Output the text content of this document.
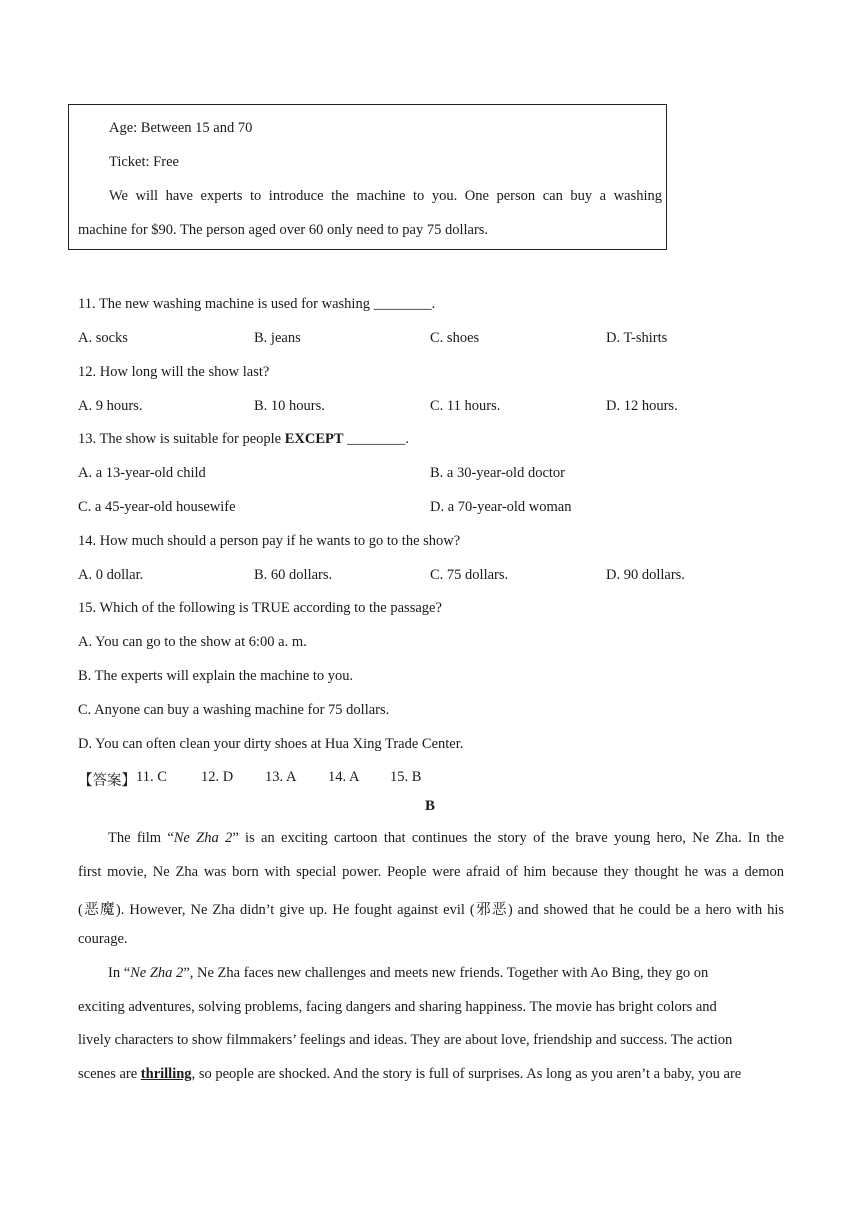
Age: Between 15 and 70
Ticket: Free
We will have experts to introduce the machine to you. One person can buy a washing
machine for $90. The person aged over 60 only need to pay 75 dollars.
11. The new washing machine is used for washing ________.
A. socks	B. jeans	C. shoes	D. T-shirts
12. How long will the show last?
A. 9 hours.	B. 10 hours.	C. 11 hours.	D. 12 hours.
13. The show is suitable for people EXCEPT ________.
A. a 13-year-old child	B. a 30-year-old doctor
C. a 45-year-old housewife	D. a 70-year-old woman
14. How much should a person pay if he wants to go to the show?
A. 0 dollar.	B. 60 dollars.	C. 75 dollars.	D. 90 dollars.
15. Which of the following is TRUE according to the passage?
A. You can go to the show at 6:00 a. m.
B. The experts will explain the machine to you.
C. Anyone can buy a washing machine for 75 dollars.
D. You can often clean your dirty shoes at Hua Xing Trade Center.
【答案】 11. C 12. D 13. A 14. A 15. B
B
The film “Ne Zha 2” is an exciting cartoon that continues the story of the brave young hero, Ne Zha. In the
first movie, Ne Zha was born with special power. People were afraid of him because they thought he was a demon
(恶魔). However, Ne Zha didn’t give up. He fought against evil (邪恶) and showed that he could be a hero with his
courage.
In “Ne Zha 2”, Ne Zha faces new challenges and meets new friends. Together with Ao Bing, they go on
exciting adventures, solving problems, facing dangers and sharing happiness. The movie has bright colors and
lively characters to show filmmakers’ feelings and ideas. They are about love, friendship and success. The action
scenes are thrilling, so people are shocked. And the story is full of surprises. As long as you aren’t a baby, you are
